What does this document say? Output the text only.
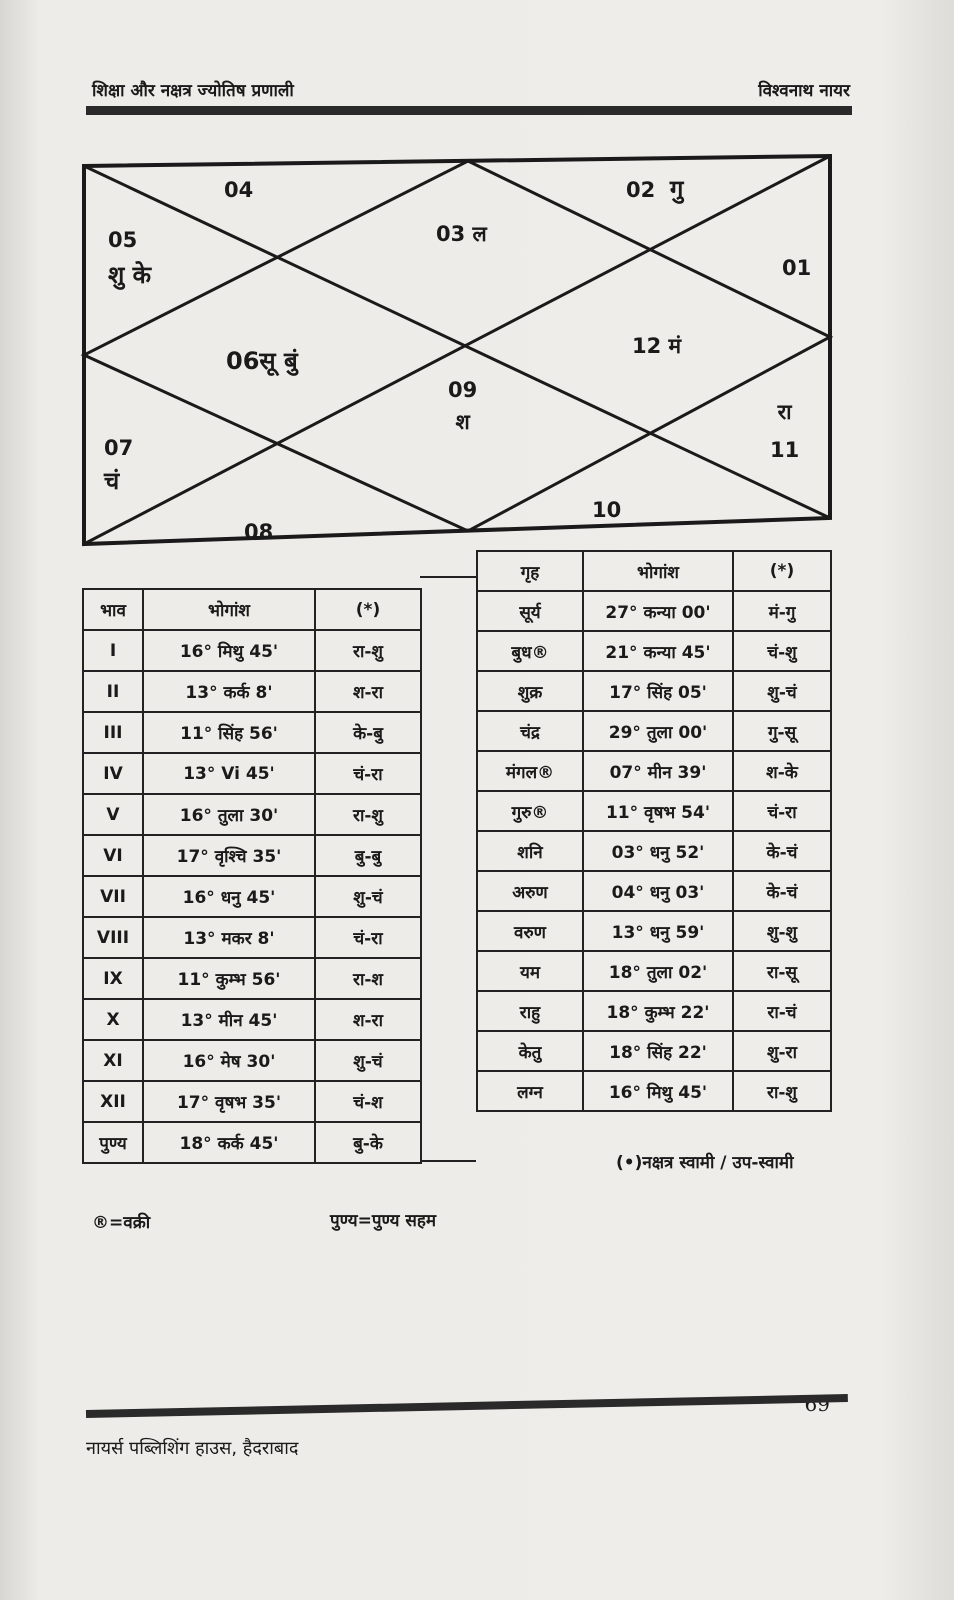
शिक्षा और नक्षत्र ज्योतिष प्रणाली	विश्वनाथ नायर
04
05
शु के
03 ल
02 गु
01
06सू बुं
12 मं
09
श
07
चं
रा
11
08
10
भाव	भोगांश	(*)
I	16° मिथु 45'	रा-शु
II	13° कर्क 8'	श-रा
III	11° सिंह 56'	के-बु
IV	13° Vi 45'	चं-रा
V	16° तुला 30'	रा-शु
VI	17° वृश्चि 35'	बु-बु
VII	16° धनु 45'	शु-चं
VIII	13° मकर 8'	चं-रा
IX	11° कुम्भ 56'	रा-श
X	13° मीन 45'	श-रा
XI	16° मेष 30'	शु-चं
XII	17° वृषभ 35'	चं-श
पुण्य	18° कर्क 45'	बु-के
गृह	भोगांश	(*)
सूर्य	27° कन्या 00'	मं-गु
बुध®	21° कन्या 45'	चं-शु
शुक्र	17° सिंह 05'	शु-चं
चंद्र	29° तुला 00'	गु-सू
मंगल®	07° मीन 39'	श-के
गुरु®	11° वृषभ 54'	चं-रा
शनि	03° धनु 52'	के-चं
अरुण	04° धनु 03'	के-चं
वरुण	13° धनु 59'	शु-शु
यम	18° तुला 02'	रा-सू
राहु	18° कुम्भ 22'	रा-चं
केतु	18° सिंह 22'	शु-रा
लग्न	16° मिथु 45'	रा-शु
(•)नक्षत्र स्वामी / उप-स्वामी
®=वक्री	पुण्य=पुण्य सहम
69
नायर्स पब्लिशिंग हाउस, हैदराबाद
